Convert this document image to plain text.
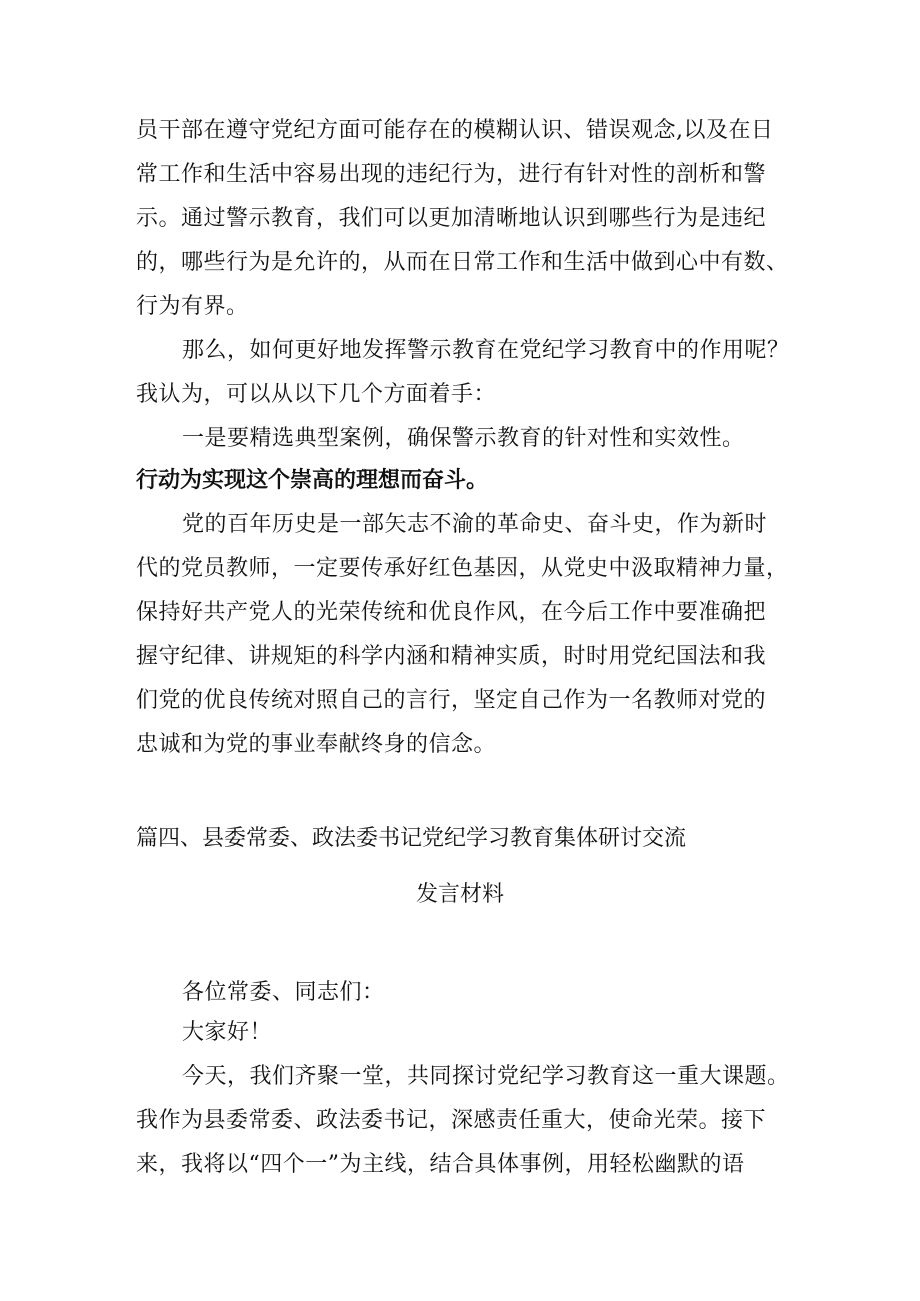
员干部在遵守党纪方面可能存在的模糊认识、错误观念,以及在日
常工作和生活中容易出现的违纪行为，进行有针对性的剖析和警
示。通过警示教育，我们可以更加清晰地认识到哪些行为是违纪
的，哪些行为是允许的，从而在日常工作和生活中做到心中有数、
行为有界。
那么，如何更好地发挥警示教育在党纪学习教育中的作用呢？
我认为，可以从以下几个方面着手：
一是要精选典型案例，确保警示教育的针对性和实效性。
行动为实现这个崇高的理想而奋斗。
党的百年历史是一部矢志不渝的革命史、奋斗史，作为新时
代的党员教师，一定要传承好红色基因，从党史中汲取精神力量，
保持好共产党人的光荣传统和优良作风，在今后工作中要准确把
握守纪律、讲规矩的科学内涵和精神实质，时时用党纪国法和我
们党的优良传统对照自己的言行，坚定自己作为一名教师对党的
忠诚和为党的事业奉献终身的信念。
篇四、县委常委、政法委书记党纪学习教育集体研讨交流
发言材料
各位常委、同志们：
大家好！
今天，我们齐聚一堂，共同探讨党纪学习教育这一重大课题。
我作为县委常委、政法委书记，深感责任重大，使命光荣。接下
来，我将以“四个一”为主线，结合具体事例，用轻松幽默的语
